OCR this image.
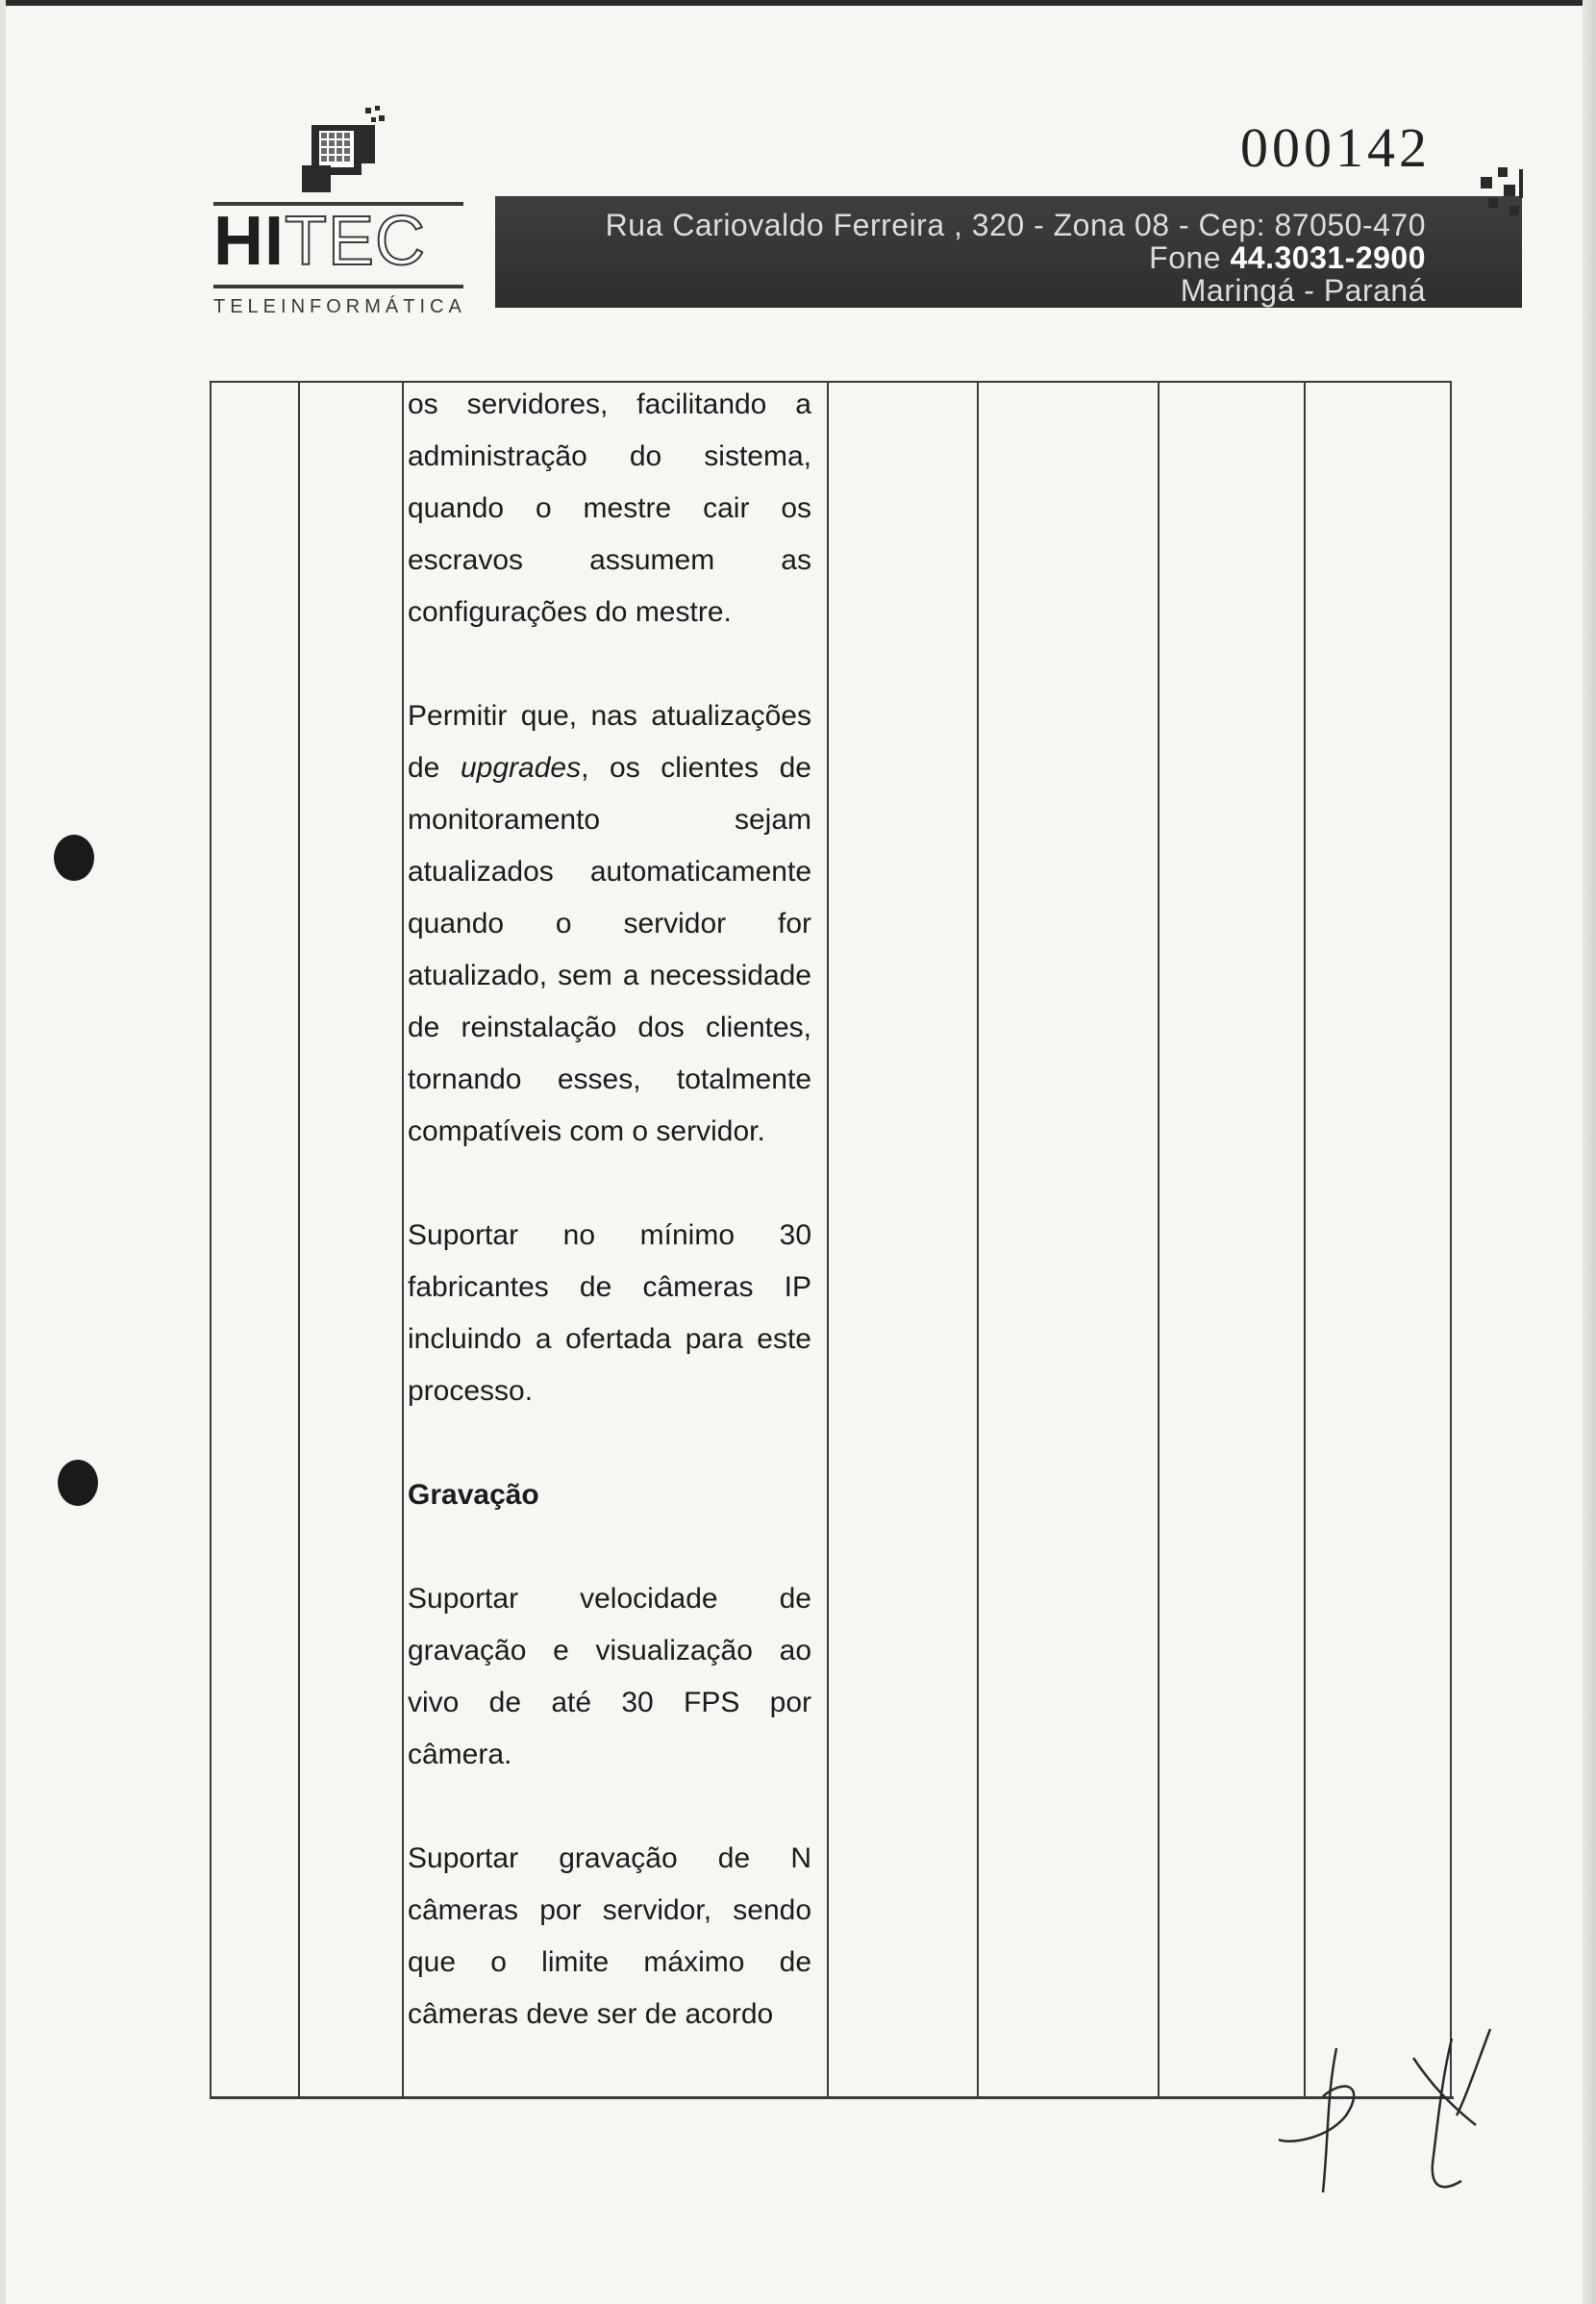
HITEC
TELEINFORMÁTICA
000142
Rua Cariovaldo Ferreira , 320 - Zona 08 - Cep: 87050-470
Fone 44.3031-2900
Maringá - Paraná

os servidores, facilitando a administração do sistema, quando o mestre cair os escravos assumem as configurações do mestre.

Permitir que, nas atualizações de upgrades, os clientes de monitoramento sejam atualizados automaticamente quando o servidor for atualizado, sem a necessidade de reinstalação dos clientes, tornando esses, totalmente compatíveis com o servidor.

Suportar no mínimo 30 fabricantes de câmeras IP incluindo a ofertada para este processo.

Gravação

Suportar velocidade de gravação e visualização ao vivo de até 30 FPS por câmera.

Suportar gravação de N câmeras por servidor, sendo que o limite máximo de câmeras deve ser de acordo
